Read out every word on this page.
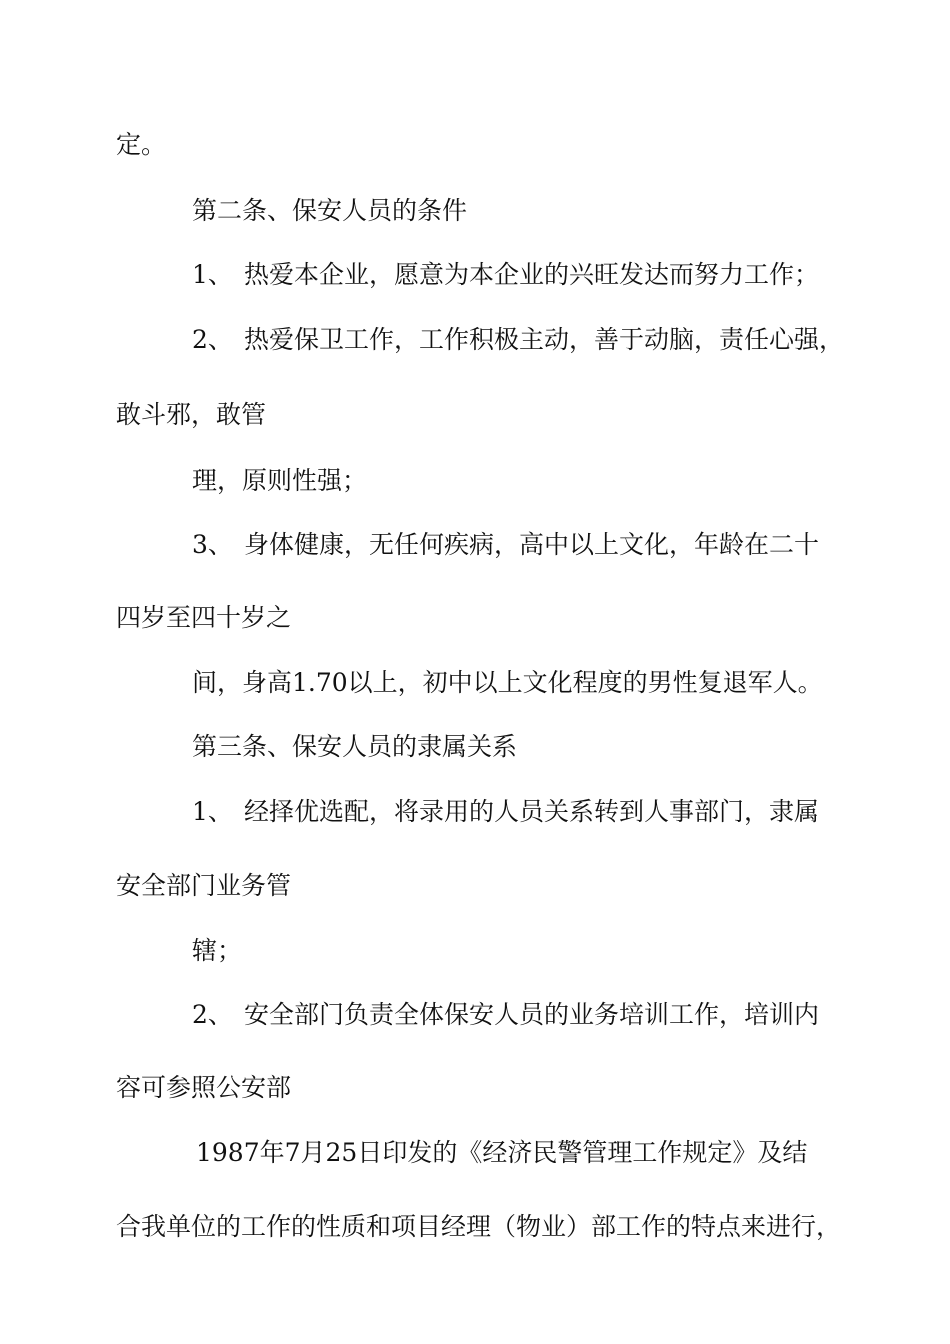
定。

第二条、保安人员的条件

1、 热爱本企业，愿意为本企业的兴旺发达而努力工作；

2、 热爱保卫工作，工作积极主动，善于动脑，责任心强，

敢斗邪，敢管

理，原则性强；

3、 身体健康，无任何疾病，高中以上文化，年龄在二十

四岁至四十岁之

间，身高1.70以上，初中以上文化程度的男性复退军人。

第三条、保安人员的隶属关系

1、 经择优选配，将录用的人员关系转到人事部门，隶属

安全部门业务管

辖；

2、 安全部门负责全体保安人员的业务培训工作，培训内

容可参照公安部

1987年7月25日印发的《经济民警管理工作规定》及结

合我单位的工作的性质和项目经理（物业）部工作的特点来进行，
